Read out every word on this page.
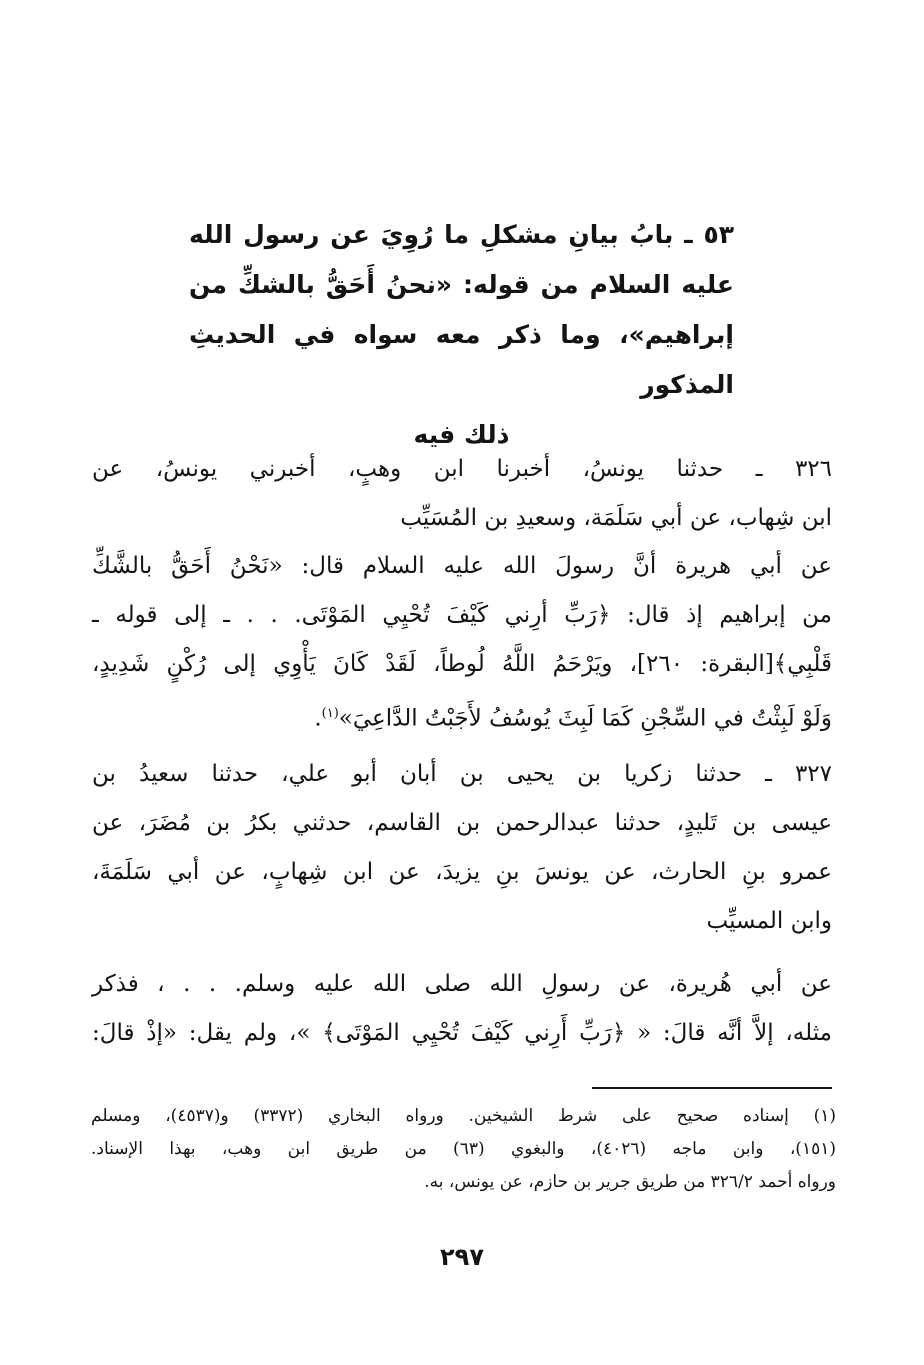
٥٣ ـ بابُ بيانِ مشكلِ ما رُوِيَ عن رسول الله
عليه السلام من قوله: «نحنُ أَحَقُّ بالشكِّ من
إبراهيم»، وما ذكر معه سواه في الحديثِ المذكور
ذلك فيه
٣٢٦ ـ حدثنا يونسُ، أخبرنا ابن وهبٍ، أخبرني يونسُ، عن
ابن شِهاب، عن أبي سَلَمَة، وسعيدِ بن المُسَيِّب
عن أبي هريرة أنَّ رسولَ الله عليه السلام قال: «نَحْنُ أَحَقُّ بالشَّكِّ
من إبراهيم إذ قال: ﴿رَبِّ أرِني كَيْفَ تُحْيِي المَوْتَى. . . ـ إلى قوله ـ
قَلْبِي﴾[البقرة: ٢٦٠]، ويَرْحَمُ اللَّهُ لُوطاً، لَقَدْ كَانَ يَأْوِي إلى رُكْنٍ شَدِيدٍ،
وَلَوْ لَبِثْتُ في السِّجْنِ كَمَا لَبِثَ يُوسُفُ لأَجَبْتُ الدَّاعِيَ»$^{(١)}$.
٣٢٧ ـ حدثنا زكريا بن يحيى بن أبان أبو علي، حدثنا سعيدُ بن
عيسى بن تَليدٍ، حدثنا عبدالرحمن بن القاسم، حدثني بكرُ بن مُضَرَ، عن
عمرو بنِ الحارث، عن يونسَ بنِ يزيدَ، عن ابن شِهابٍ، عن أبي سَلَمَةَ،
وابن المسيِّب
عن أبي هُريرة، عن رسولِ الله صلى الله عليه وسلم. . . ، فذكر
مثله، إلاَّ أنَّه قالَ: « ﴿رَبِّ أَرِني كَيْفَ تُحْيِي المَوْتَى﴾ »، ولم يقل: «إذْ قالَ:
(١) إسناده صحيح على شرط الشيخين. ورواه البخاري (٣٣٧٢) و(٤٥٣٧)، ومسلم
(١٥١)، وابن ماجه (٤٠٢٦)، والبغوي (٦٣) من طريق ابن وهب، بهذا الإسناد.
ورواه أحمد ٣٢٦/٢ من طريق جرير بن حازم، عن يونس، به.
٢٩٧
